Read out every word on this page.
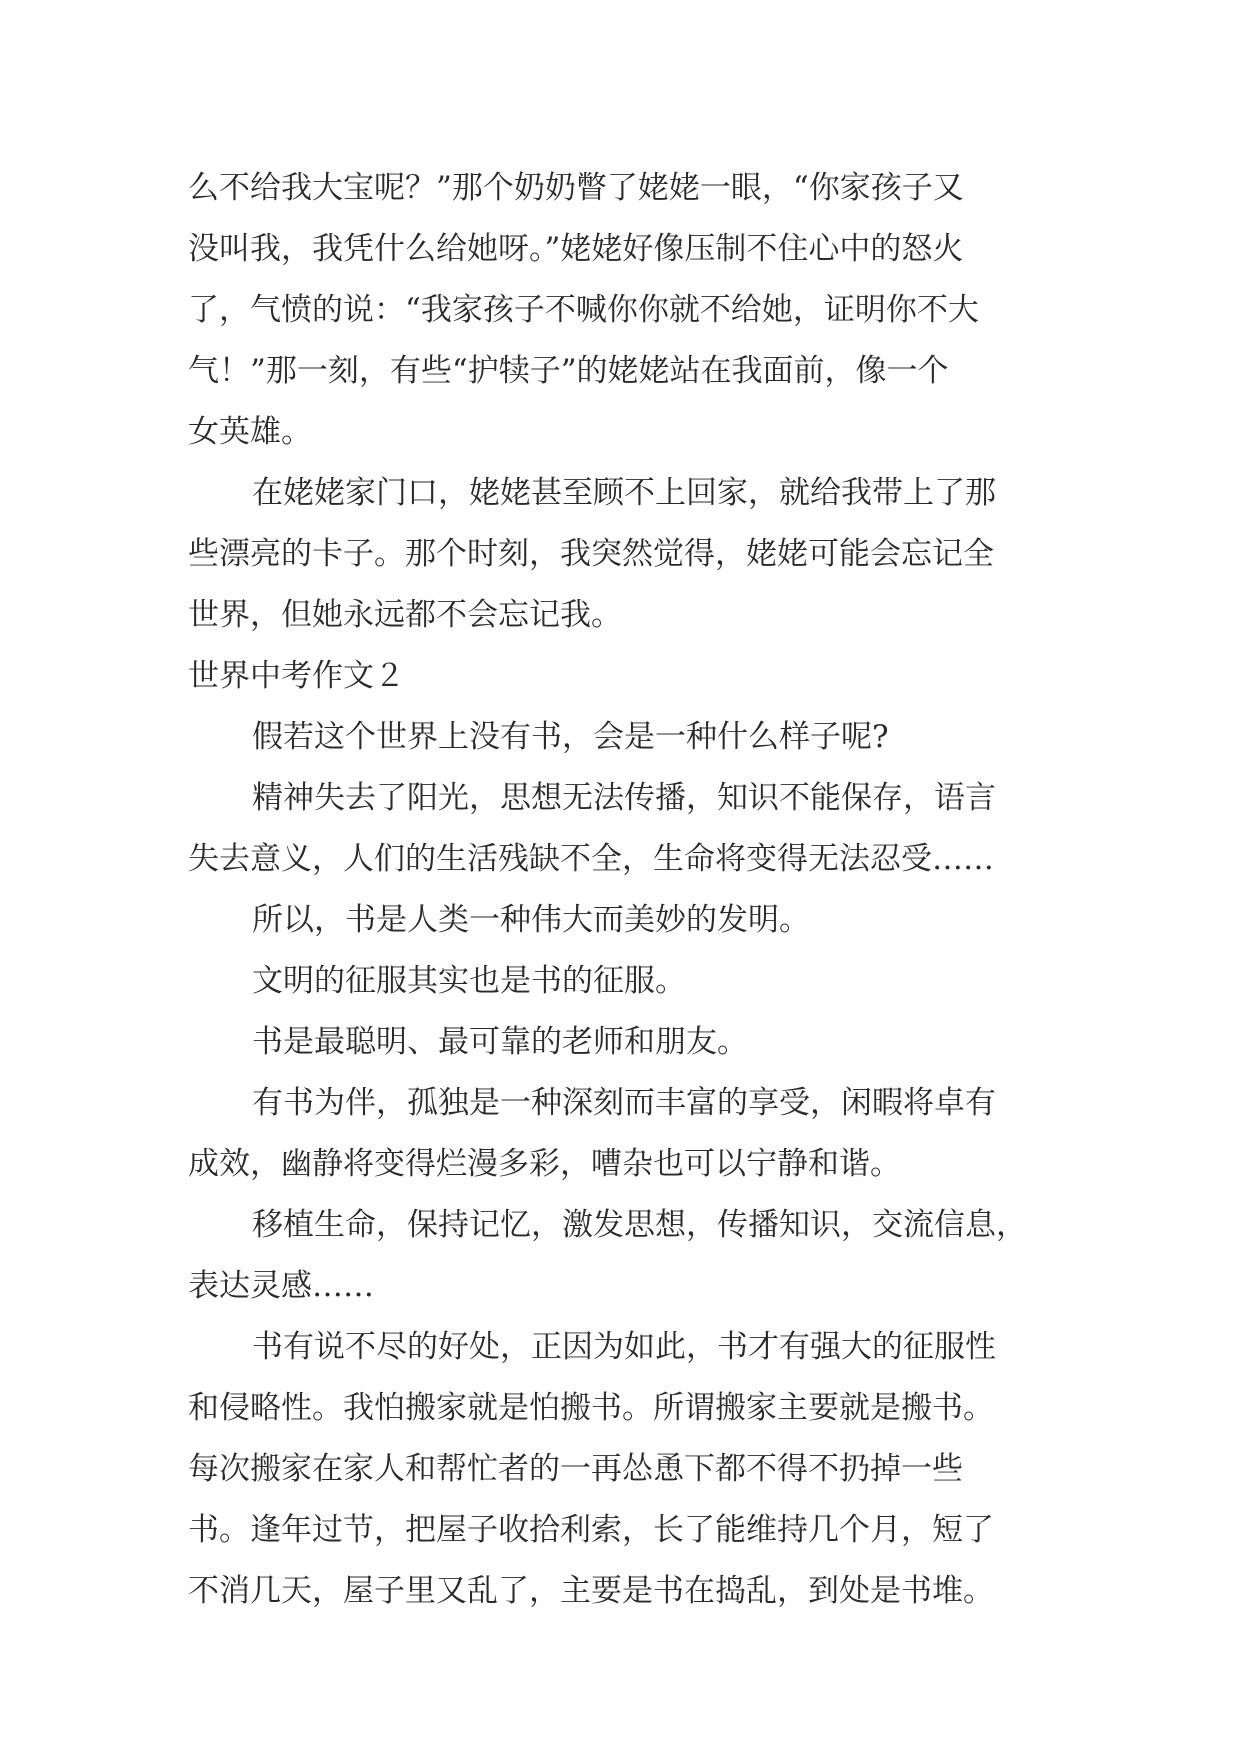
么不给我大宝呢？”那个奶奶瞥了姥姥一眼，“你家孩子又
没叫我，我凭什么给她呀。”姥姥好像压制不住心中的怒火
了，气愤的说：“我家孩子不喊你你就不给她，证明你不大
气！”那一刻，有些“护犊子”的姥姥站在我面前，像一个
女英雄。
在姥姥家门口，姥姥甚至顾不上回家，就给我带上了那
些漂亮的卡子。那个时刻，我突然觉得，姥姥可能会忘记全
世界，但她永远都不会忘记我。
世界中考作文２
假若这个世界上没有书，会是一种什么样子呢?
精神失去了阳光，思想无法传播，知识不能保存，语言
失去意义，人们的生活残缺不全，生命将变得无法忍受……
所以，书是人类一种伟大而美妙的发明。
文明的征服其实也是书的征服。
书是最聪明、最可靠的老师和朋友。
有书为伴，孤独是一种深刻而丰富的享受，闲暇将卓有
成效，幽静将变得烂漫多彩，嘈杂也可以宁静和谐。
移植生命，保持记忆，激发思想，传播知识，交流信息，
表达灵感……
书有说不尽的好处，正因为如此，书才有强大的征服性
和侵略性。我怕搬家就是怕搬书。所谓搬家主要就是搬书。
每次搬家在家人和帮忙者的一再怂恿下都不得不扔掉一些
书。逢年过节，把屋子收拾利索，长了能维持几个月，短了
不消几天，屋子里又乱了，主要是书在捣乱，到处是书堆。
